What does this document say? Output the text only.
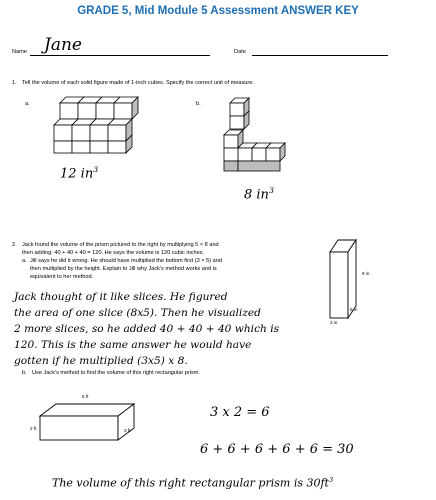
GRADE 5, Mid Module 5 Assessment ANSWER KEY
Name Jane	Date
1. Tell the volume of each solid figure made of 1-inch cubes. Specify the correct unit of measure.
a.	b.
12 $in^3$
8 $in^3$
2. Jack found the volume of the prism pictured to the right by multiplying 5 × 8 and
then adding: 40 + 40 + 40 = 120. He says the volume is 120 cubic inches.
a. Jill says he did it wrong. He should have multiplied the bottom first (3 × 5) and
then multiplied by the height. Explain to Jill why Jack's method works and is
equivalent to her method.
8 in
5 in
3 in
Jack thought of it like slices. He figured
the area of one slice (8x5). Then he visualized
2 more slices, so he added 40 + 40 + 40 which is
120. This is the same answer he would have
gotten if he multiplied (3x5) x 8.
b. Use Jack's method to find the volume of this right rectangular prism.
5 ft
2 ft	3 ft
3 x 2 = 6
6 + 6 + 6 + 6 + 6 = 30
The volume of this right rectangular prism is $30ft^3$
